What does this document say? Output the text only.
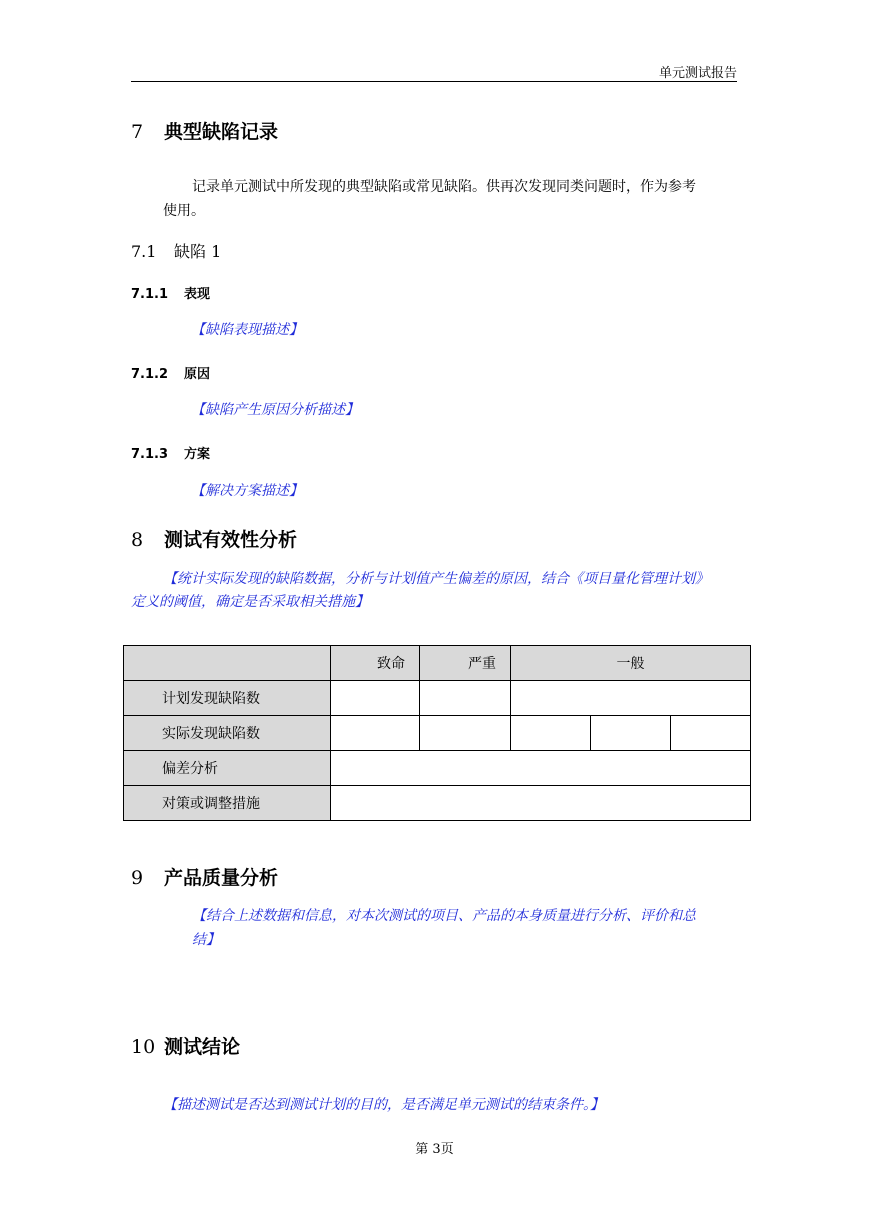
单元测试报告
7 典型缺陷记录
记录单元测试中所发现的典型缺陷或常见缺陷。供再次发现同类问题时，作为参考
使用。
7.1 缺陷 1
7.1.1 表现
【缺陷表现描述】
7.1.2 原因
【缺陷产生原因分析描述】
7.1.3 方案
【解决方案描述】
8 测试有效性分析
【统计实际发现的缺陷数据，分析与计划值产生偏差的原因，结合《项目量化管理计划》
定义的阈值，确定是否采取相关措施】
	致命	严重	一般		
计划发现缺陷数					
实际发现缺陷数					
偏差分析					
对策或调整措施					
9 产品质量分析
【结合上述数据和信息，对本次测试的项目、产品的本身质量进行分析、评价和总
结】
10 测试结论
【描述测试是否达到测试计划的目的，是否满足单元测试的结束条件。】
第 3页
